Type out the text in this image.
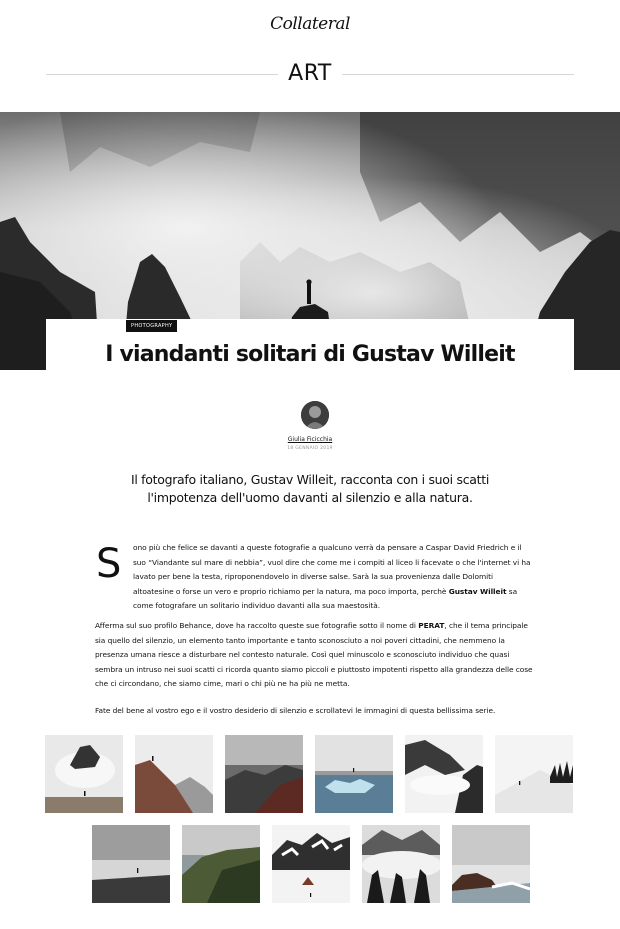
Collateral
ART
PHOTOGRAPHY
I viandanti solitari di Gustav Willeit
Giulia Ficicchia
18 GENNAIO 2019

Il fotografo italiano, Gustav Willeit, racconta con i suoi scatti l'impotenza dell'uomo davanti al silenzio e alla natura.

S ono più che felice se davanti a queste fotografie a qualcuno verrà da pensare a Caspar David Friedrich e il suo “Viandante sul mare di nebbia”, vuol dire che come me i compiti al liceo li facevate o che l'internet vi ha lavato per bene la testa, riproponendovelo in diverse salse. Sarà la sua provenienza dalle Dolomiti altoatesine o forse un vero e proprio richiamo per la natura, ma poco importa, perchè Gustav Willeit sa come fotografare un solitario individuo davanti alla sua maestosità.

Afferma sul suo profilo Behance, dove ha raccolto queste sue fotografie sotto il nome di PERAT, che il tema principale sia quello del silenzio, un elemento tanto importante e tanto sconosciuto a noi poveri cittadini, che nemmeno la presenza umana riesce a disturbare nel contesto naturale. Così quel minuscolo e sconosciuto individuo che quasi sembra un intruso nei suoi scatti ci ricorda quanto siamo piccoli e piuttosto impotenti rispetto alla grandezza delle cose che ci circondano, che siamo cime, mari o chi più ne ha più ne metta.

Fate del bene al vostro ego e il vostro desiderio di silenzio e scrollatevi le immagini di questa bellissima serie.
